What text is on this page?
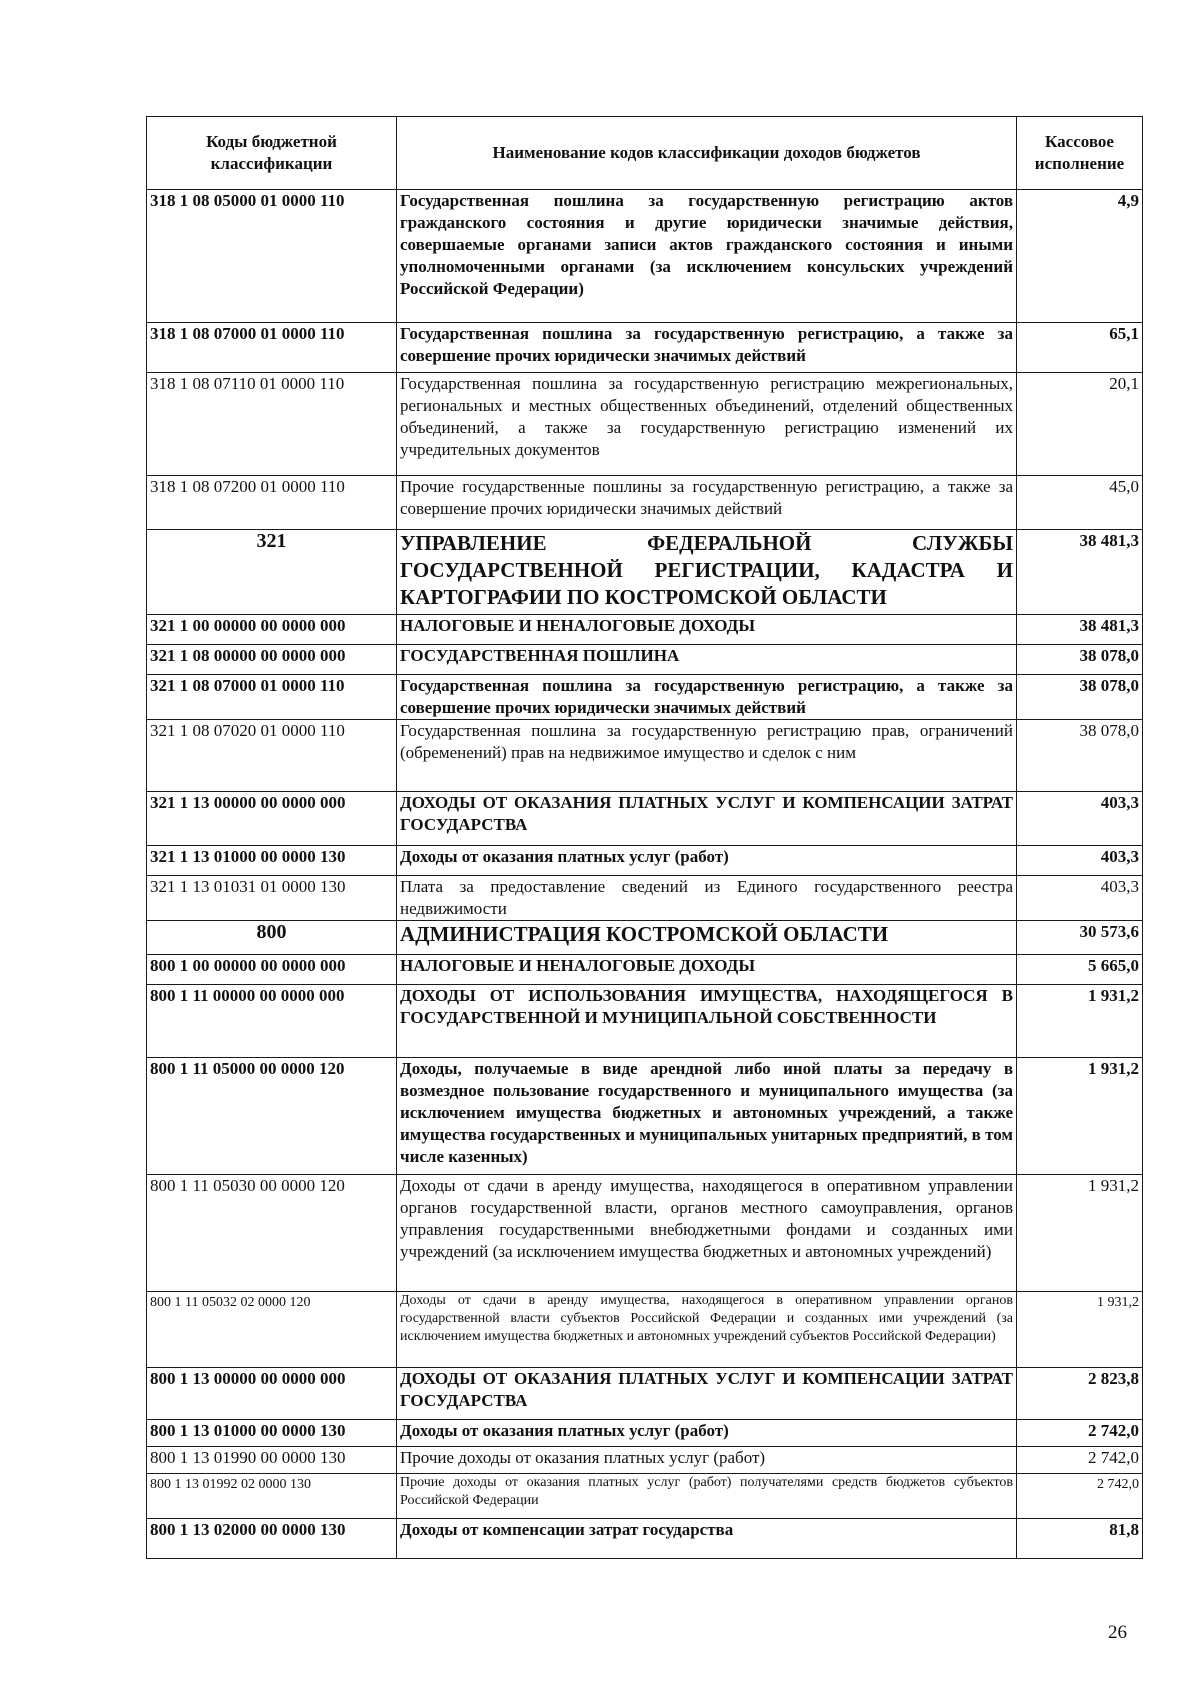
Коды бюджетной классификации	Наименование кодов классификации доходов бюджетов	Кассовое исполнение
318 1 08 05000 01 0000 110	Государственная пошлина за государственную регистрацию актов гражданского состояния и другие юридически значимые действия, совершаемые органами записи актов гражданского состояния и иными уполномоченными органами (за исключением консульских учреждений Российской Федерации)	4,9
318 1 08 07000 01 0000 110	Государственная пошлина за государственную регистрацию, а также за совершение прочих юридически значимых действий	65,1
318 1 08 07110 01 0000 110	Государственная пошлина за государственную регистрацию межрегиональных, региональных и местных общественных объединений, отделений общественных объединений, а также за государственную регистрацию изменений их учредительных документов	20,1
318 1 08 07200 01 0000 110	Прочие государственные пошлины за государственную регистрацию, а также за совершение прочих юридически значимых действий	45,0
321	УПРАВЛЕНИЕ ФЕДЕРАЛЬНОЙ СЛУЖБЫ ГОСУДАРСТВЕННОЙ РЕГИСТРАЦИИ, КАДАСТРА И КАРТОГРАФИИ ПО КОСТРОМСКОЙ ОБЛАСТИ	38 481,3
321 1 00 00000 00 0000 000	НАЛОГОВЫЕ И НЕНАЛОГОВЫЕ ДОХОДЫ	38 481,3
321 1 08 00000 00 0000 000	ГОСУДАРСТВЕННАЯ ПОШЛИНА	38 078,0
321 1 08 07000 01 0000 110	Государственная пошлина за государственную регистрацию, а также за совершение прочих юридически значимых действий	38 078,0
321 1 08 07020 01 0000 110	Государственная пошлина за государственную регистрацию прав, ограничений (обременений) прав на недвижимое имущество и сделок с ним	38 078,0
321 1 13 00000 00 0000 000	ДОХОДЫ ОТ ОКАЗАНИЯ ПЛАТНЫХ УСЛУГ И КОМПЕНСАЦИИ ЗАТРАТ ГОСУДАРСТВА	403,3
321 1 13 01000 00 0000 130	Доходы от оказания платных услуг (работ)	403,3
321 1 13 01031 01 0000 130	Плата за предоставление сведений из Единого государственного реестра недвижимости	403,3
800	АДМИНИСТРАЦИЯ КОСТРОМСКОЙ ОБЛАСТИ	30 573,6
800 1 00 00000 00 0000 000	НАЛОГОВЫЕ И НЕНАЛОГОВЫЕ ДОХОДЫ	5 665,0
800 1 11 00000 00 0000 000	ДОХОДЫ ОТ ИСПОЛЬЗОВАНИЯ ИМУЩЕСТВА, НАХОДЯЩЕГОСЯ В ГОСУДАРСТВЕННОЙ И МУНИЦИПАЛЬНОЙ СОБСТВЕННОСТИ	1 931,2
800 1 11 05000 00 0000 120	Доходы, получаемые в виде арендной либо иной платы за передачу в возмездное пользование государственного и муниципального имущества (за исключением имущества бюджетных и автономных учреждений, а также имущества государственных и муниципальных унитарных предприятий, в том числе казенных)	1 931,2
800 1 11 05030 00 0000 120	Доходы от сдачи в аренду имущества, находящегося в оперативном управлении органов государственной власти, органов местного самоуправления, органов управления государственными внебюджетными фондами и созданных ими учреждений (за исключением имущества бюджетных и автономных учреждений)	1 931,2
800 1 11 05032 02 0000 120	Доходы от сдачи в аренду имущества, находящегося в оперативном управлении органов государственной власти субъектов Российской Федерации и созданных ими учреждений (за исключением имущества бюджетных и автономных учреждений субъектов Российской Федерации)	1 931,2
800 1 13 00000 00 0000 000	ДОХОДЫ ОТ ОКАЗАНИЯ ПЛАТНЫХ УСЛУГ И КОМПЕНСАЦИИ ЗАТРАТ ГОСУДАРСТВА	2 823,8
800 1 13 01000 00 0000 130	Доходы от оказания платных услуг (работ)	2 742,0
800 1 13 01990 00 0000 130	Прочие доходы от оказания платных услуг (работ)	2 742,0
800 1 13 01992 02 0000 130	Прочие доходы от оказания платных услуг (работ) получателями средств бюджетов субъектов Российской Федерации	2 742,0
800 1 13 02000 00 0000 130	Доходы от компенсации затрат государства	81,8
26
